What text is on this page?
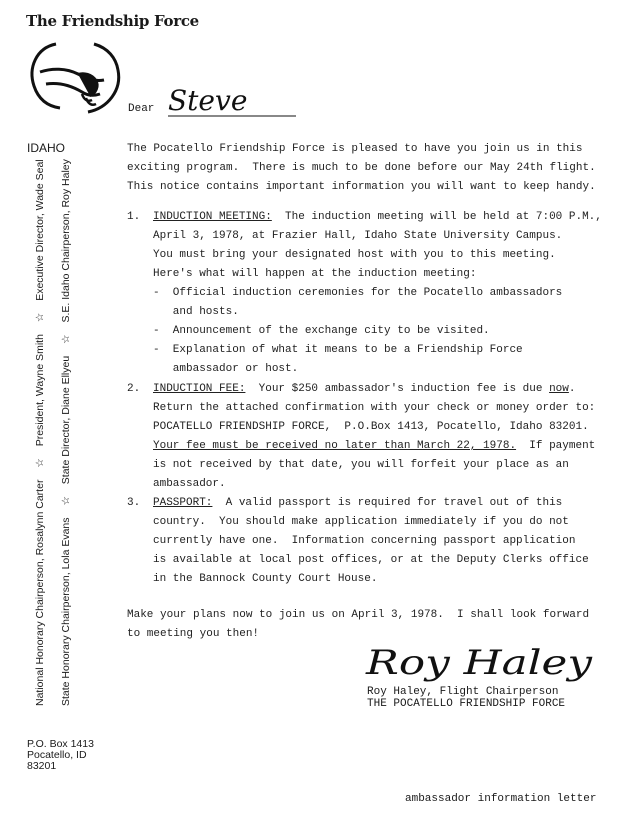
The Friendship Force
IDAHO
National Honorary Chairperson, Rosalynn Carter ☆ President, Wayne Smith ☆ Executive Director, Wade Seal
State Honorary Chairperson, Lola Evans ☆ State Director, Diane Ellyeu ☆ S.E. Idaho Chairperson, Roy Haley
P.O. Box 1413
Pocatello, ID
83201
Dear Steve

The Pocatello Friendship Force is pleased to have you join us in this

exciting program.  There is much to be done before our May 24th flight.

This notice contains important information you will want to keep handy.

1.

INDUCTION MEETING: The induction meeting will be held at 7:00 P.M.,

April 3, 1978, at Frazier Hall, Idaho State University Campus.

You must bring your designated host with you to this meeting.

Here's what will happen at the induction meeting:

-  Official induction ceremonies for the Pocatello ambassadors

and hosts.

-  Announcement of the exchange city to be visited.

-  Explanation of what it means to be a Friendship Force

ambassador or host.

2.

INDUCTION FEE: Your $250 ambassador's induction fee is due now.

Return the attached confirmation with your check or money order to:

POCATELLO FRIENDSHIP FORCE,  P.O.Box 1413, Pocatello, Idaho 83201.

Your fee must be received no later than March 22, 1978.  If payment

is not received by that date, you will forfeit your place as an

ambassador.

3.

PASSPORT: A valid passport is required for travel out of this

country.  You should make application immediately if you do not

currently have one.  Information concerning passport application

is available at local post offices, or at the Deputy Clerks office

in the Bannock County Court House.

Make your plans now to join us on April 3, 1978.  I shall look forward

to meeting you then!

Roy Haley
Roy Haley, Flight Chairperson
THE POCATELLO FRIENDSHIP FORCE
ambassador information letter
